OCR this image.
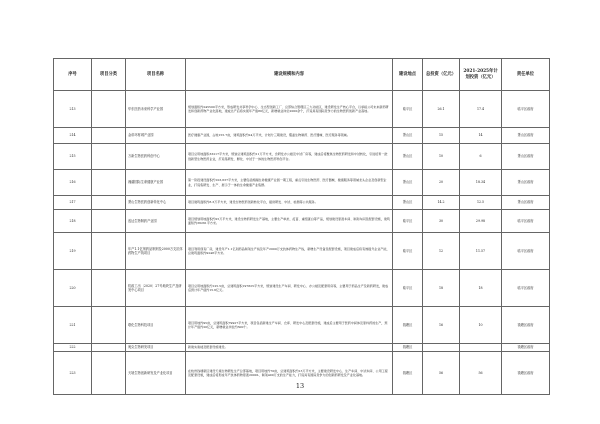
序号	项目分类	项目名称	建设规模和内容	建设地点	总投资（亿元）	2021-2025年计划投资（亿元）	责任单位
213		华东医药未来科学产业园	规划面积约245500平方米，形成研发共享科学中心、生态型创新工厂、总部综合管理区三大功能区，建设研发生产核心平台，以承接公司未来新药研发和创新药物产业化落地，建成达产后将实现年产值80亿元，新增就业岗位2000余个，打造具有国际竞争力的生物医药创新产业高地。	临平区	26.1	17.4	临平区政府
214		金帝环材城产业园	医疗健康产业园，占地155.7亩，建筑面积约24万平米，计划分三期建设，覆盖生物制药、医疗器械、医疗服务等领域。	萧山区	15	14	萧山区政府
215		万新生物医药科创中心	项目总用地面积33217平方米，规划总建筑面积约11万平方米，含研发办公楼及中试厂房等，建成后将聚焦生物医药研发和中试转化，引进培育一批创新型生物医药企业，打造集研发、孵化、中试于一体的生物医药科创平台。	萧山区	10	6	萧山区政府
216		湘湖国际生命健康产业园	第一阶段建设面积约103,637平方米，主要包括湘湖生命健康产业园一期工程，重点引进生物医药、医疗器械、健康服务等领域龙头企业及创新型企业，打造集研发、生产、展示于一体的生命健康产业集群。	萧山区	20	18.34	萧山区政府
217		萧山生物医药创新转化中心	项目建筑面积约8.3万平方米，建设生物医药创新转化平台，提供研发、中试、检测等公共服务。	萧山区	14.2	12.5	萧山区政府
218		泓达生物制药产业园	项目规划用地面积约25万平方米，建设生物药研发生产基地，主要生产单抗、疫苗、重组蛋白等产品，规划建设原液车间、制剂车间及配套设施，建筑面积约36261平方米。	临平区	30	29.98	临平区政府
219		年产1.1亿剂药品制剂及2000万支抗体药物生产线项目	项目利用现有厂房，建设年产1.1亿剂药品制剂生产线及年产2000万支抗体药物生产线，新增生产设备及配套设施，项目建成后将有效提升企业产能，总建筑面积约9248平方米。	临平区	12	11.57	临平区政府
220		杭政工出〔2020〕27号地块生产及研发中心项目	项目总用地面积约125.5亩，总建筑面积197825平方米，规划建设生产车间、研发中心、办公楼及配套用房等，主要用于药品生产及新药研发，建成后预计年产值约15.6亿元。	临平区	18	18	临平区政府
221		联化生物科技项目	项目用地约95亩，总建筑面积79927平方米，项目包括新建生产车间、仓库、研发中心及配套设施，建成后主要用于医药中间体及原料药的生产，预计年产值约20亿元，新增就业岗位约300个。	钱塘区	16	10	钱塘区政府
222		奥克生物研发项目	新建实验楼及配套设施建设。	钱塘区			钱塘区政府
223		天境生物创新研发及产业化项目	在杭州钱塘新区建设天境生物研发生产总部基地，项目用地约70亩，总建筑面积约13万平方米，主要建设研发中心、生产车间、中试车间、公用工程及配套设施，建成后将形成年产抗体药物原液2000L、制剂400万支的生产能力，打造具有国际竞争力的创新药研发及产业化基地。	钱塘区	56	56	钱塘区政府
13
